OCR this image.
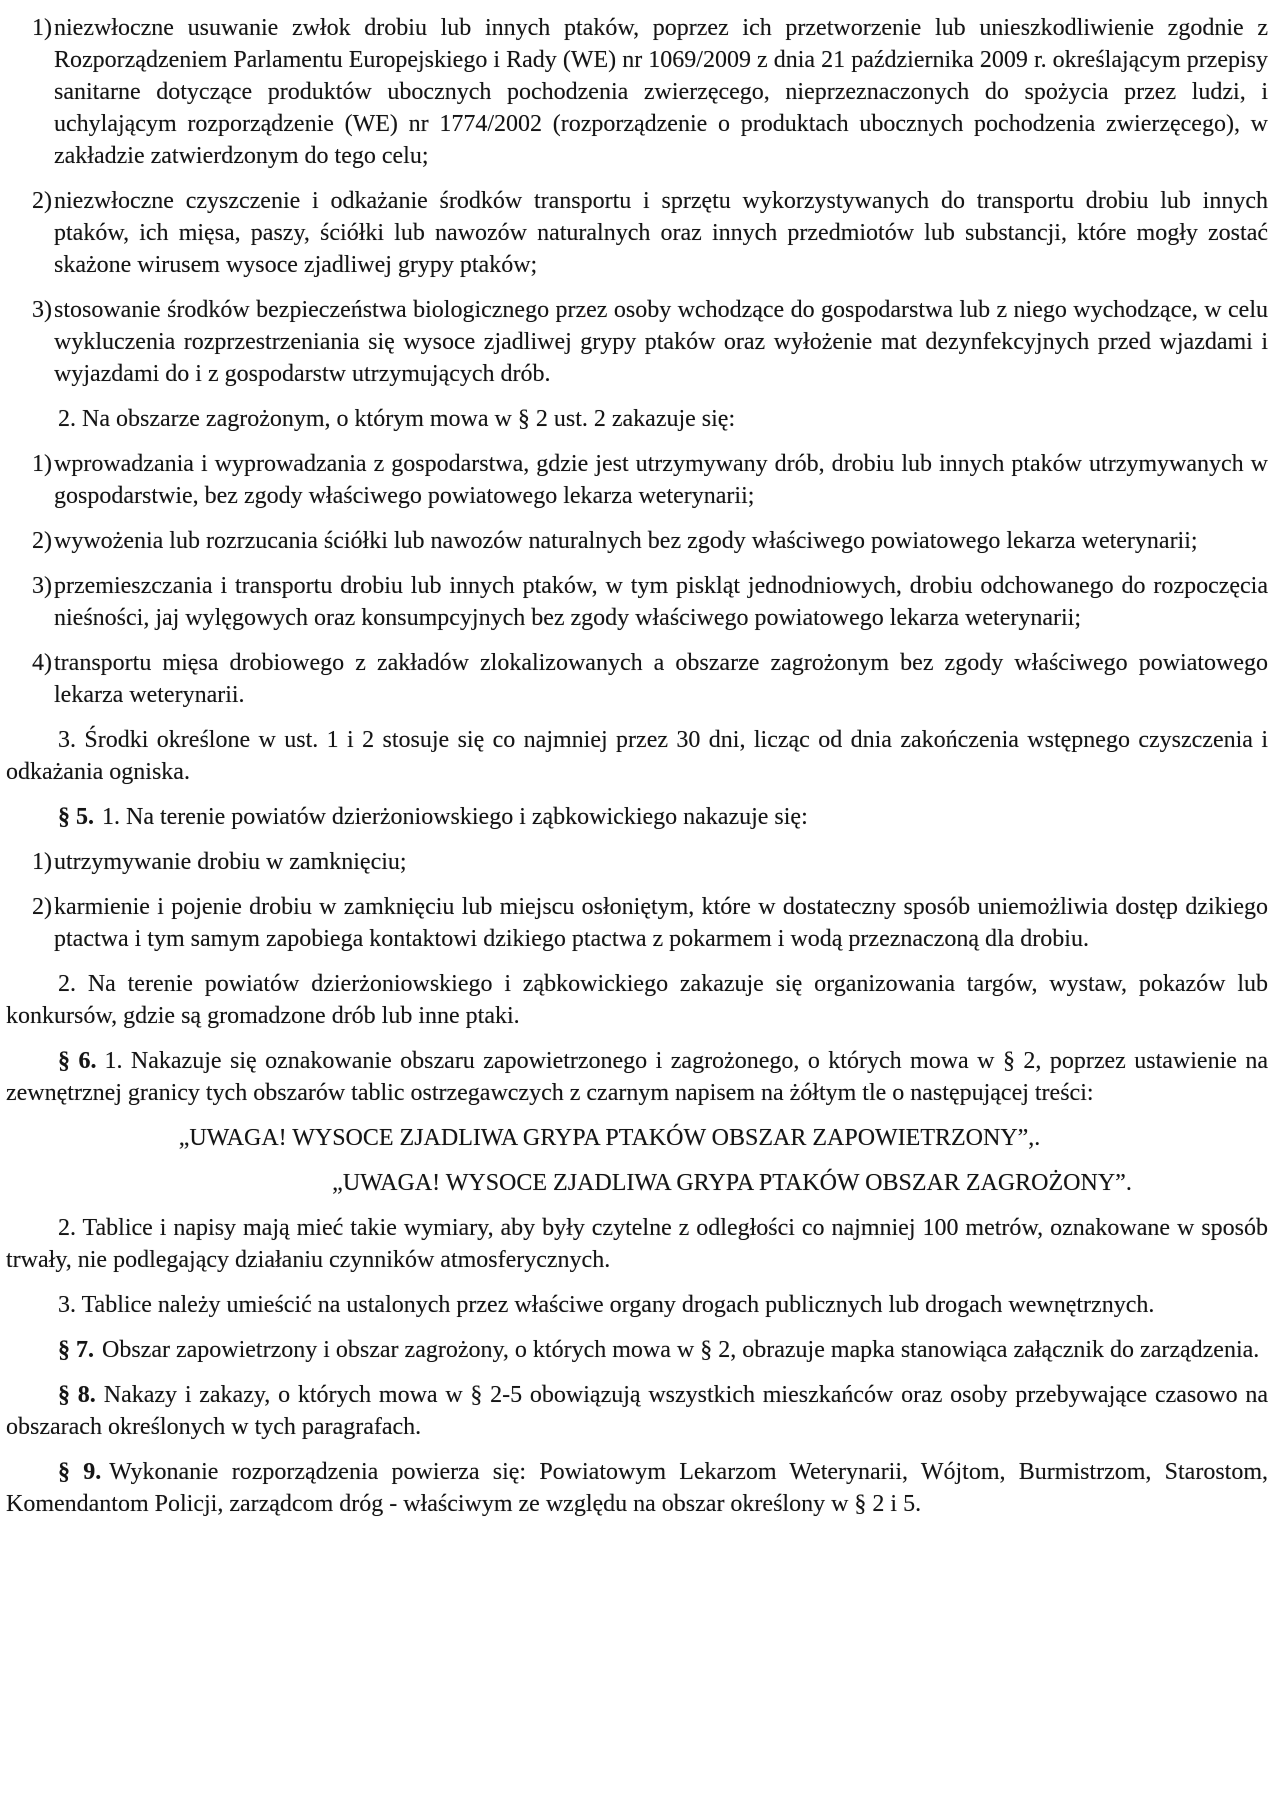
1) niezwłoczne usuwanie zwłok drobiu lub innych ptaków, poprzez ich przetworzenie lub unieszkodliwienie zgodnie z Rozporządzeniem Parlamentu Europejskiego i Rady (WE) nr 1069/2009 z dnia 21 października 2009 r. określającym przepisy sanitarne dotyczące produktów ubocznych pochodzenia zwierzęcego, nieprzeznaczonych do spożycia przez ludzi, i uchylającym rozporządzenie (WE) nr 1774/2002 (rozporządzenie o produktach ubocznych pochodzenia zwierzęcego), w zakładzie zatwierdzonym do tego celu;
2) niezwłoczne czyszczenie i odkażanie środków transportu i sprzętu wykorzystywanych do transportu drobiu lub innych ptaków, ich mięsa, paszy, ściółki lub nawozów naturalnych oraz innych przedmiotów lub substancji, które mogły zostać skażone wirusem wysoce zjadliwej grypy ptaków;
3) stosowanie środków bezpieczeństwa biologicznego przez osoby wchodzące do gospodarstwa lub z niego wychodzące, w celu wykluczenia rozprzestrzeniania się wysoce zjadliwej grypy ptaków oraz wyłożenie mat dezynfekcyjnych przed wjazdami i wyjazdami do i z gospodarstw utrzymujących drób.

2. Na obszarze zagrożonym, o którym mowa w § 2 ust. 2 zakazuje się:

1) wprowadzania i wyprowadzania z gospodarstwa, gdzie jest utrzymywany drób, drobiu lub innych ptaków utrzymywanych w gospodarstwie, bez zgody właściwego powiatowego lekarza weterynarii;
2) wywożenia lub rozrzucania ściółki lub nawozów naturalnych bez zgody właściwego powiatowego lekarza weterynarii;
3) przemieszczania i transportu drobiu lub innych ptaków, w tym piskląt jednodniowych, drobiu odchowanego do rozpoczęcia nieśności, jaj wylęgowych oraz konsumpcyjnych bez zgody właściwego powiatowego lekarza weterynarii;
4) transportu mięsa drobiowego z zakładów zlokalizowanych a obszarze zagrożonym bez zgody właściwego powiatowego lekarza weterynarii.

3. Środki określone w ust. 1 i 2 stosuje się co najmniej przez 30 dni, licząc od dnia zakończenia wstępnego czyszczenia i odkażania ogniska.

§ 5. 1. Na terenie powiatów dzierżoniowskiego i ząbkowickiego nakazuje się:

1) utrzymywanie drobiu w zamknięciu;
2) karmienie i pojenie drobiu w zamknięciu lub miejscu osłoniętym, które w dostateczny sposób uniemożliwia dostęp dzikiego ptactwa i tym samym zapobiega kontaktowi dzikiego ptactwa z pokarmem i wodą przeznaczoną dla drobiu.

2. Na terenie powiatów dzierżoniowskiego i ząbkowickiego zakazuje się organizowania targów, wystaw, pokazów lub konkursów, gdzie są gromadzone drób lub inne ptaki.

§ 6. 1. Nakazuje się oznakowanie obszaru zapowietrzonego i zagrożonego, o których mowa w § 2, poprzez ustawienie na zewnętrznej granicy tych obszarów tablic ostrzegawczych z czarnym napisem na żółtym tle o następującej treści:

„UWAGA! WYSOCE ZJADLIWA GRYPA PTAKÓW OBSZAR ZAPOWIETRZONY”,.

„UWAGA! WYSOCE ZJADLIWA GRYPA PTAKÓW OBSZAR ZAGROŻONY”.

2. Tablice i napisy mają mieć takie wymiary, aby były czytelne z odległości co najmniej 100 metrów, oznakowane w sposób trwały, nie podlegający działaniu czynników atmosferycznych.

3. Tablice należy umieścić na ustalonych przez właściwe organy drogach publicznych lub drogach wewnętrznych.

§ 7. Obszar zapowietrzony i obszar zagrożony, o których mowa w § 2, obrazuje mapka stanowiąca załącznik do zarządzenia.

§ 8. Nakazy i zakazy, o których mowa w § 2-5 obowiązują wszystkich mieszkańców oraz osoby przebywające czasowo na obszarach określonych w tych paragrafach.

§ 9. Wykonanie rozporządzenia powierza się: Powiatowym Lekarzom Weterynarii, Wójtom, Burmistrzom, Starostom, Komendantom Policji, zarządcom dróg - właściwym ze względu na obszar określony w § 2 i 5.
